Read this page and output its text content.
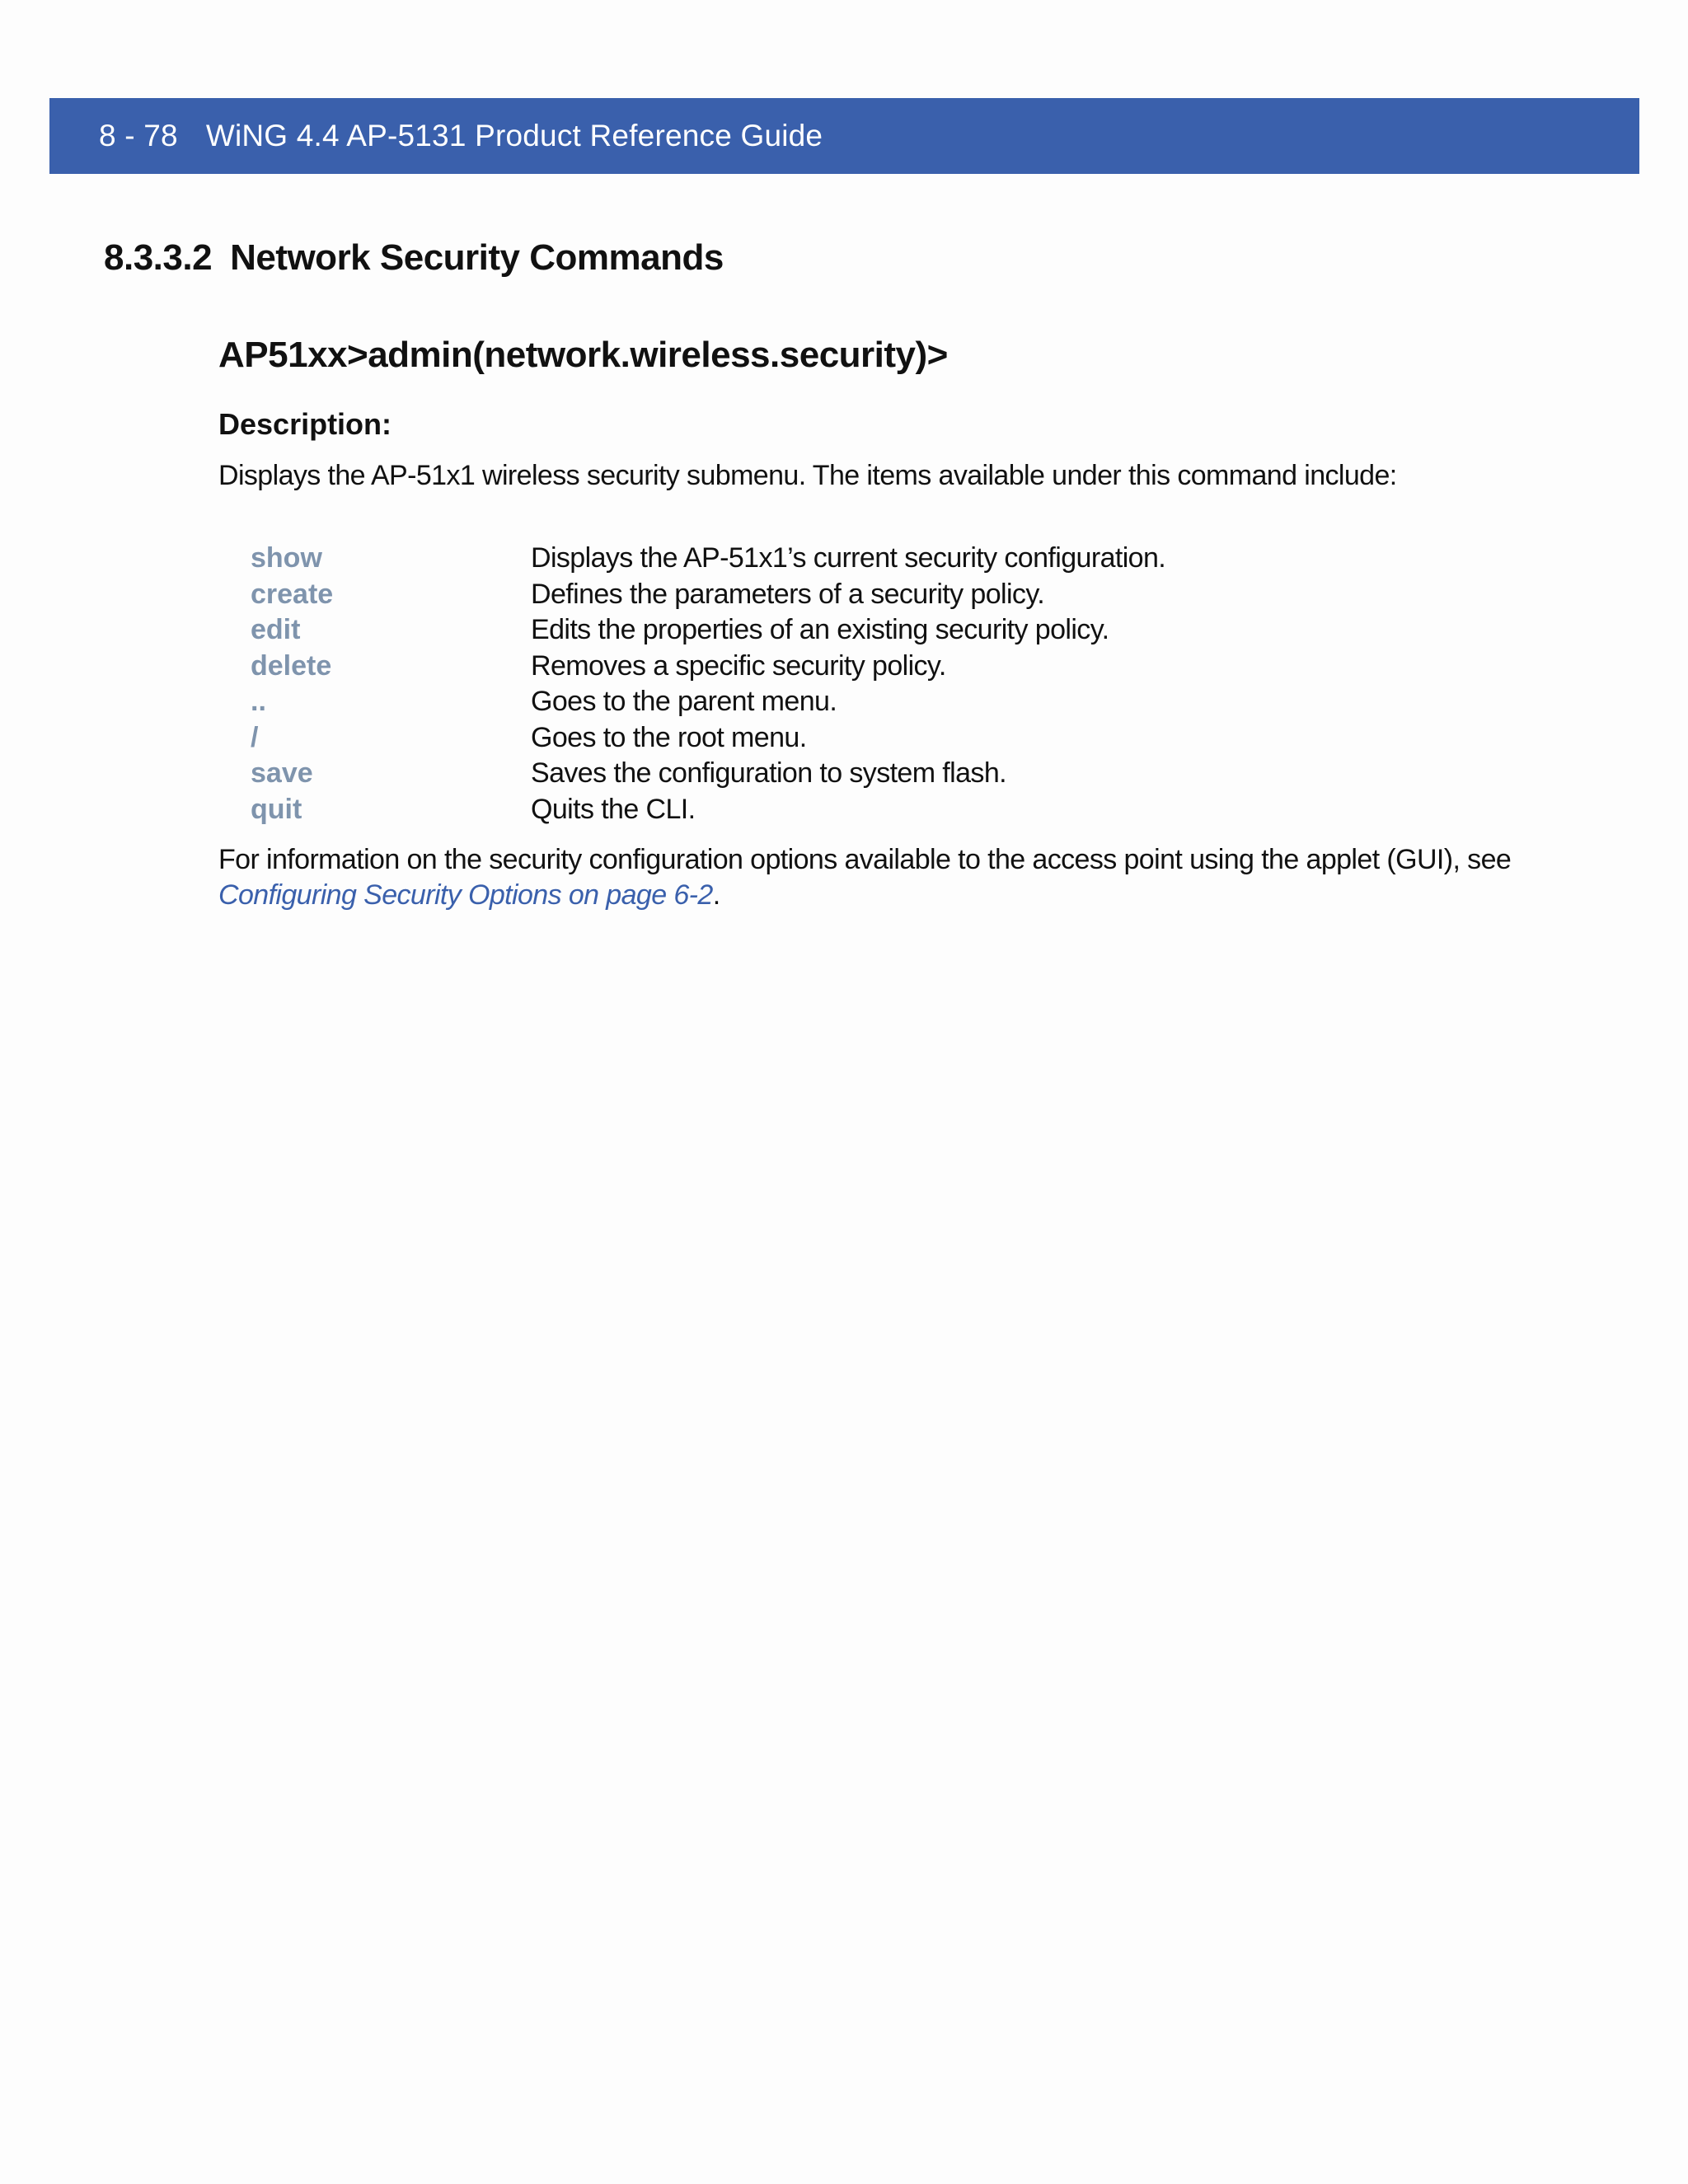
8 - 78 WiNG 4.4 AP-5131 Product Reference Guide
8.3.3.2 Network Security Commands
AP51xx>admin(network.wireless.security)>
Description:
Displays the AP-51x1 wireless security submenu. The items available under this command include:
show	Displays the AP-51x1’s current security configuration.
create	Defines the parameters of a security policy.
edit	Edits the properties of an existing security policy.
delete	Removes a specific security policy.
..	Goes to the parent menu.
/	Goes to the root menu.
save	Saves the configuration to system flash.
quit	Quits the CLI.
For information on the security configuration options available to the access point using the applet (GUI), see Configuring Security Options on page 6-2.
